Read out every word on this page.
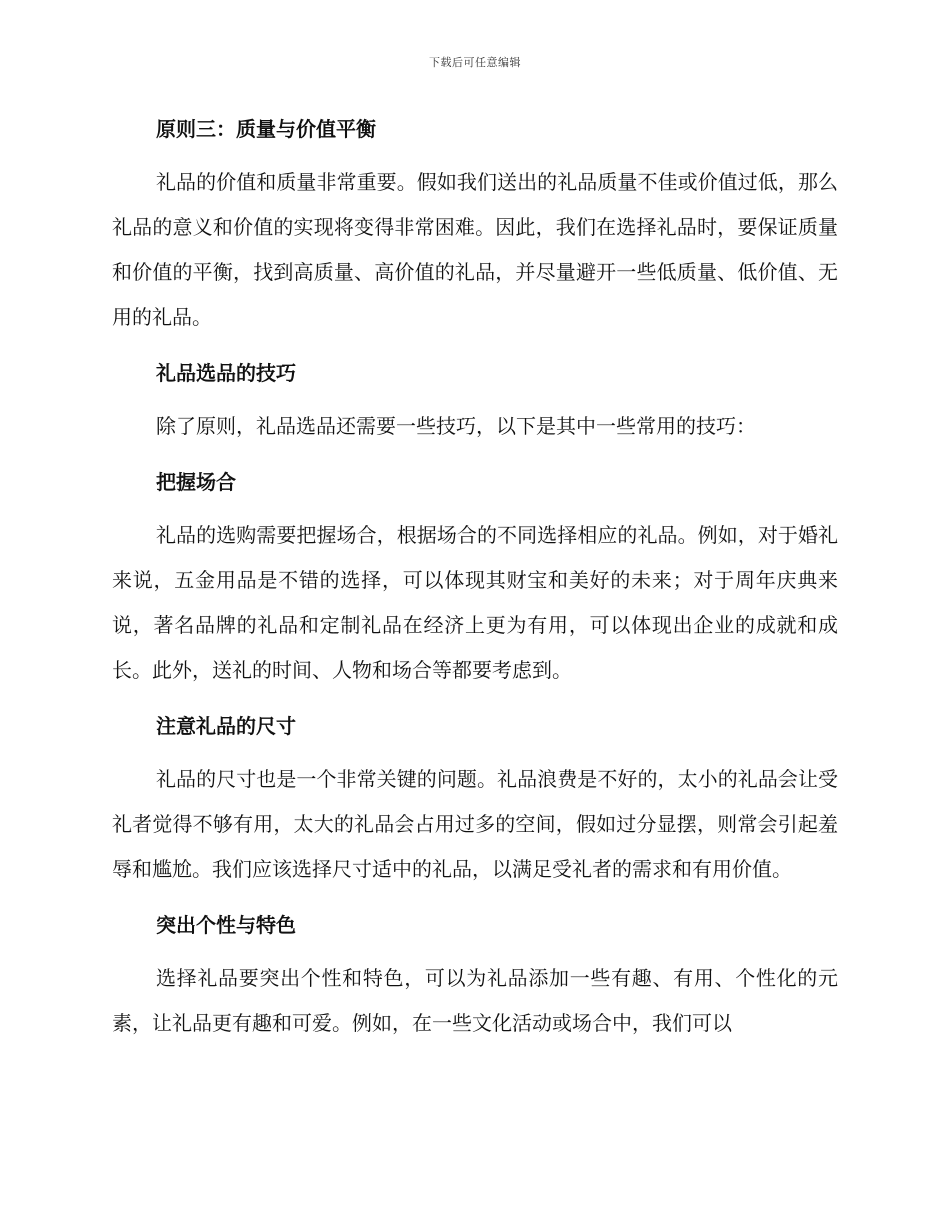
下载后可任意编辑
原则三：质量与价值平衡

礼品的价值和质量非常重要。假如我们送出的礼品质量不佳或价值过低，那么礼品的意义和价值的实现将变得非常困难。因此，我们在选择礼品时，要保证质量和价值的平衡，找到高质量、高价值的礼品，并尽量避开一些低质量、低价值、无用的礼品。

礼品选品的技巧

除了原则，礼品选品还需要一些技巧，以下是其中一些常用的技巧：

把握场合

礼品的选购需要把握场合，根据场合的不同选择相应的礼品。例如，对于婚礼来说，五金用品是不错的选择，可以体现其财宝和美好的未来；对于周年庆典来说，著名品牌的礼品和定制礼品在经济上更为有用，可以体现出企业的成就和成长。此外，送礼的时间、人物和场合等都要考虑到。

注意礼品的尺寸

礼品的尺寸也是一个非常关键的问题。礼品浪费是不好的，太小的礼品会让受礼者觉得不够有用，太大的礼品会占用过多的空间，假如过分显摆，则常会引起羞辱和尴尬。我们应该选择尺寸适中的礼品，以满足受礼者的需求和有用价值。

突出个性与特色

选择礼品要突出个性和特色，可以为礼品添加一些有趣、有用、个性化的元素，让礼品更有趣和可爱。例如，在一些文化活动或场合中，我们可以
